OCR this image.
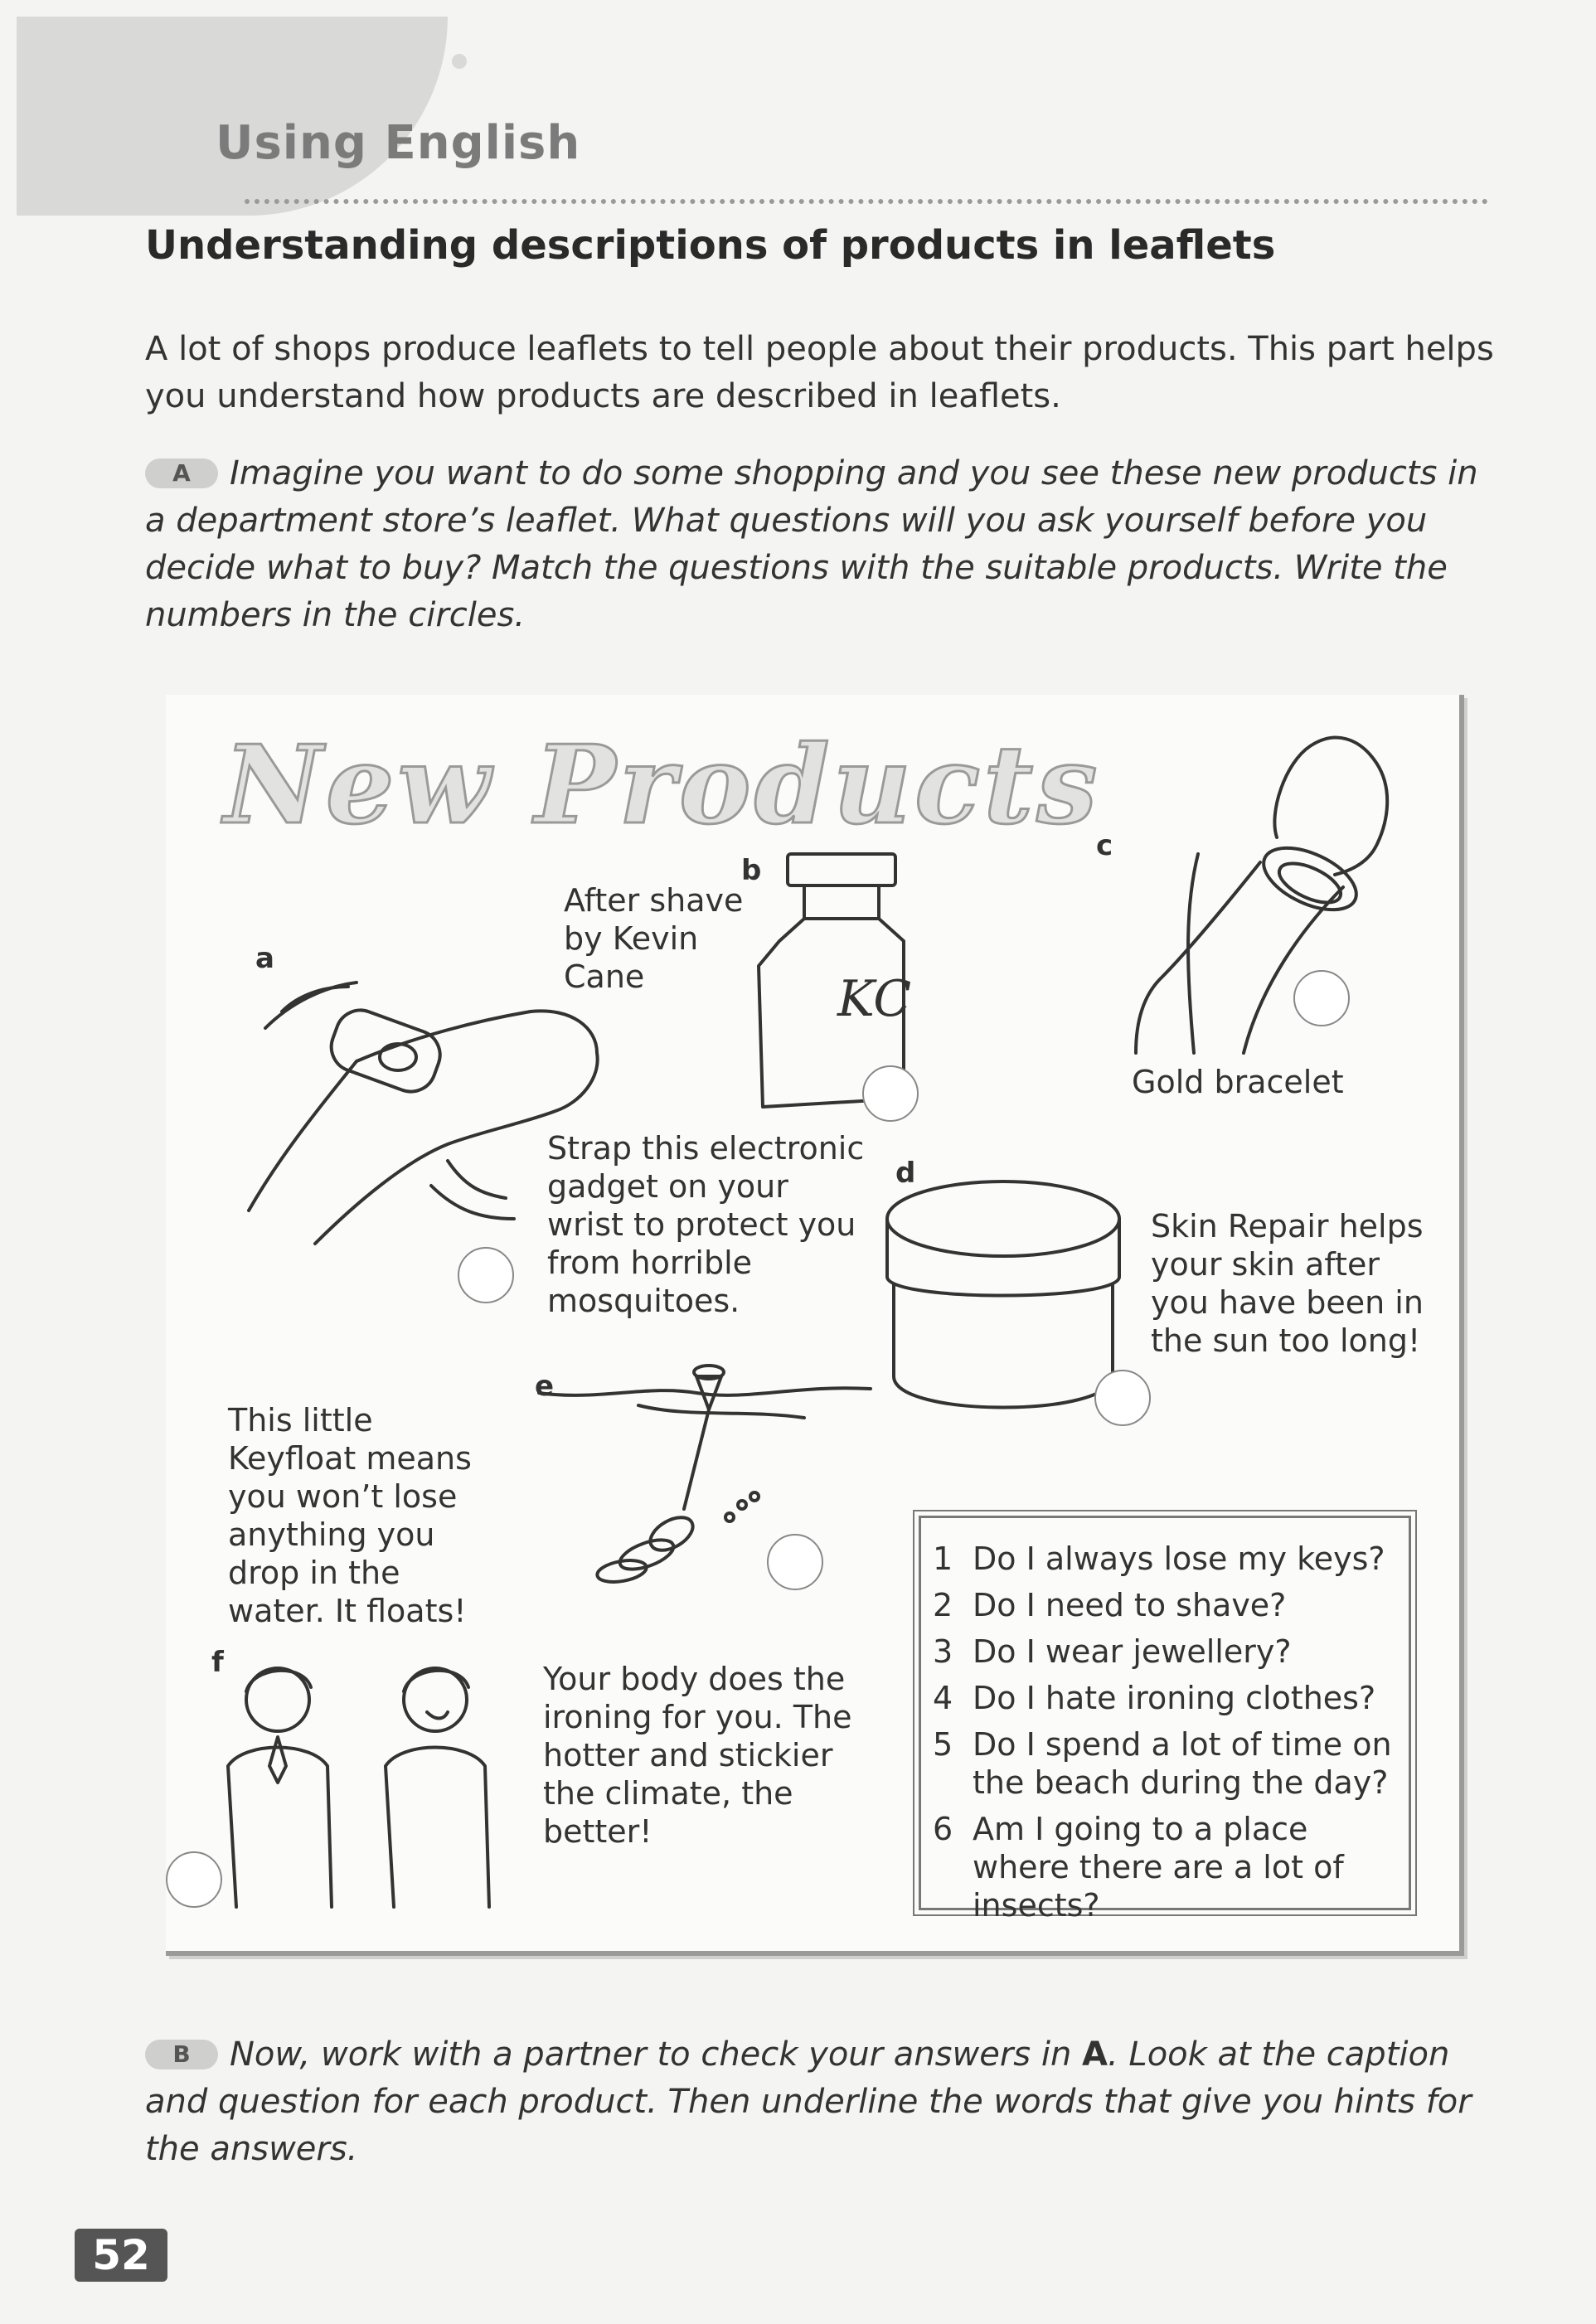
Using English
Understanding descriptions of products in leaflets
A lot of shops produce leaflets to tell people about their products. This part helps you understand how products are described in leaflets.
A Imagine you want to do some shopping and you see these new products in a department store’s leaflet. What questions will you ask yourself before you decide what to buy? Match the questions with the suitable products. Write the numbers in the circles.
New Products
a
Strap this electronic gadget on your wrist to protect you from horrible mosquitoes.
b
After shave by Kevin Cane	KC
c
Gold bracelet
d
Skin Repair helps your skin after you have been in the sun too long!
e
This little Keyfloat means you won’t lose anything you drop in the water. It floats!
f	Your body does the ironing for you. The hotter and stickier the climate, the better!
1 Do I always lose my keys?
2 Do I need to shave?
3 Do I wear jewellery?
4 Do I hate ironing clothes?
5 Do I spend a lot of time on the beach during the day?
6 Am I going to a place where there are a lot of insects?
B Now, work with a partner to check your answers in A. Look at the caption and question for each product. Then underline the words that give you hints for the answers.
52
